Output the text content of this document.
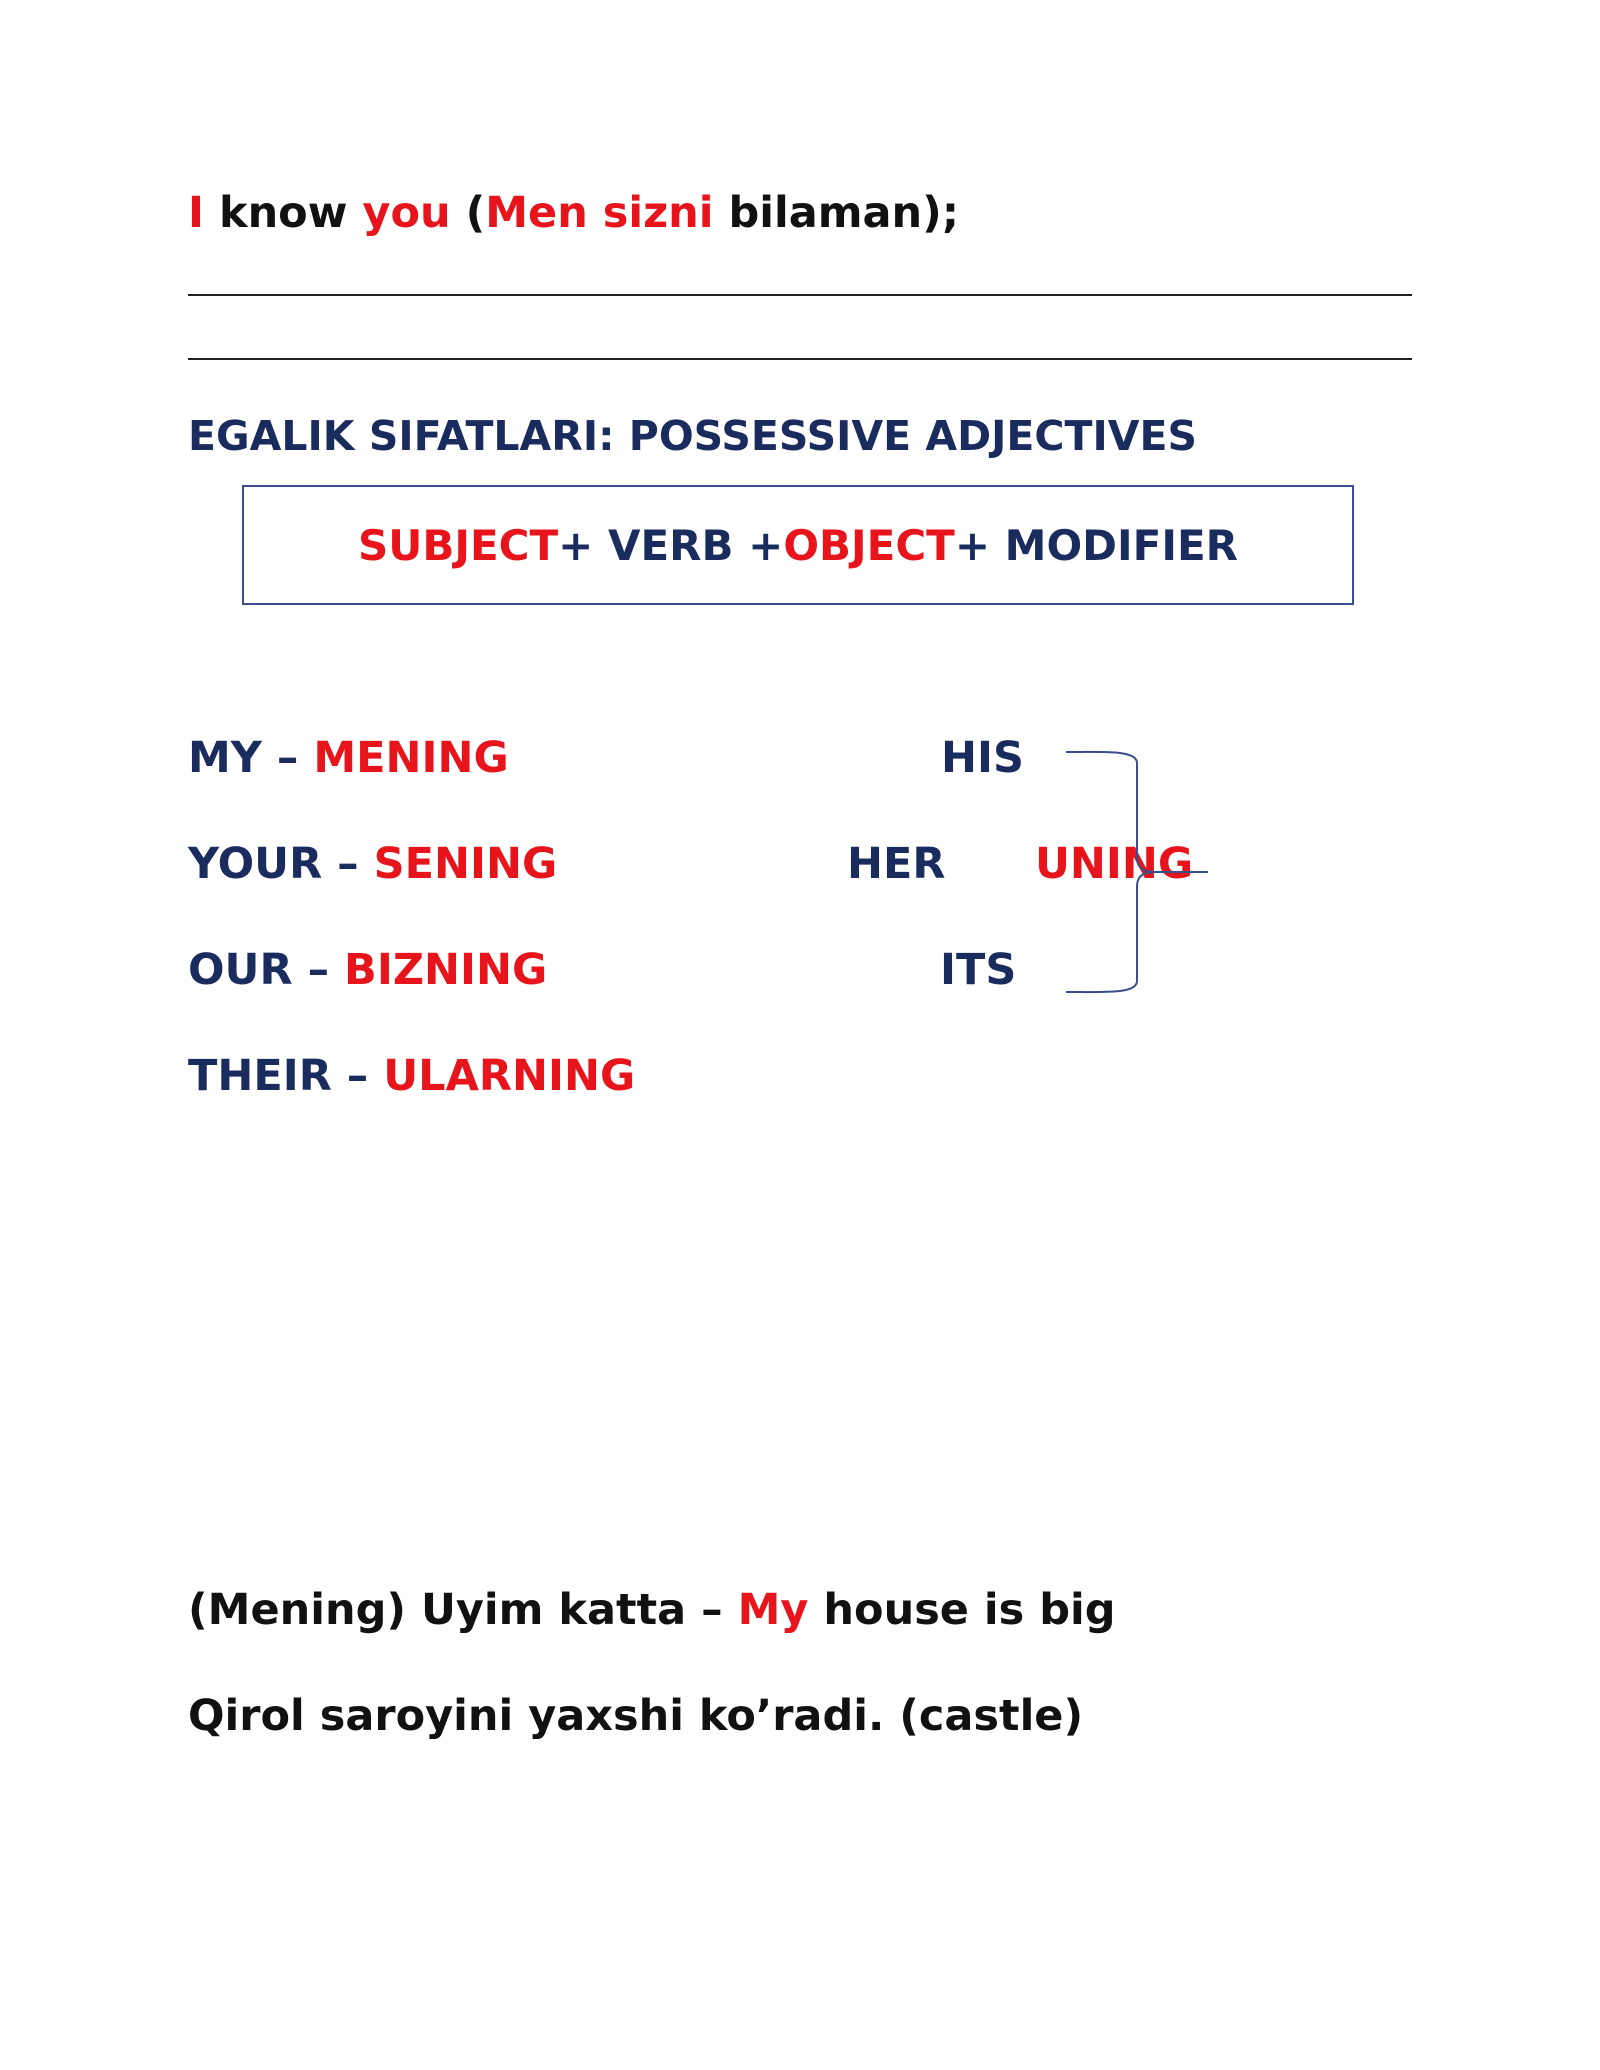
I know you (Men sizni bilaman);
EGALIK SIFATLARI: POSSESSIVE ADJECTIVES
SUBJECT + VERB + OBJECT + MODIFIER
MY – MENING
YOUR – SENING
OUR – BIZNING
THEIR – ULARNING
HIS
HER
ITS
UNING
(Mening) Uyim katta – My house is big
Qirol saroyini yaxshi ko’radi. (castle)
